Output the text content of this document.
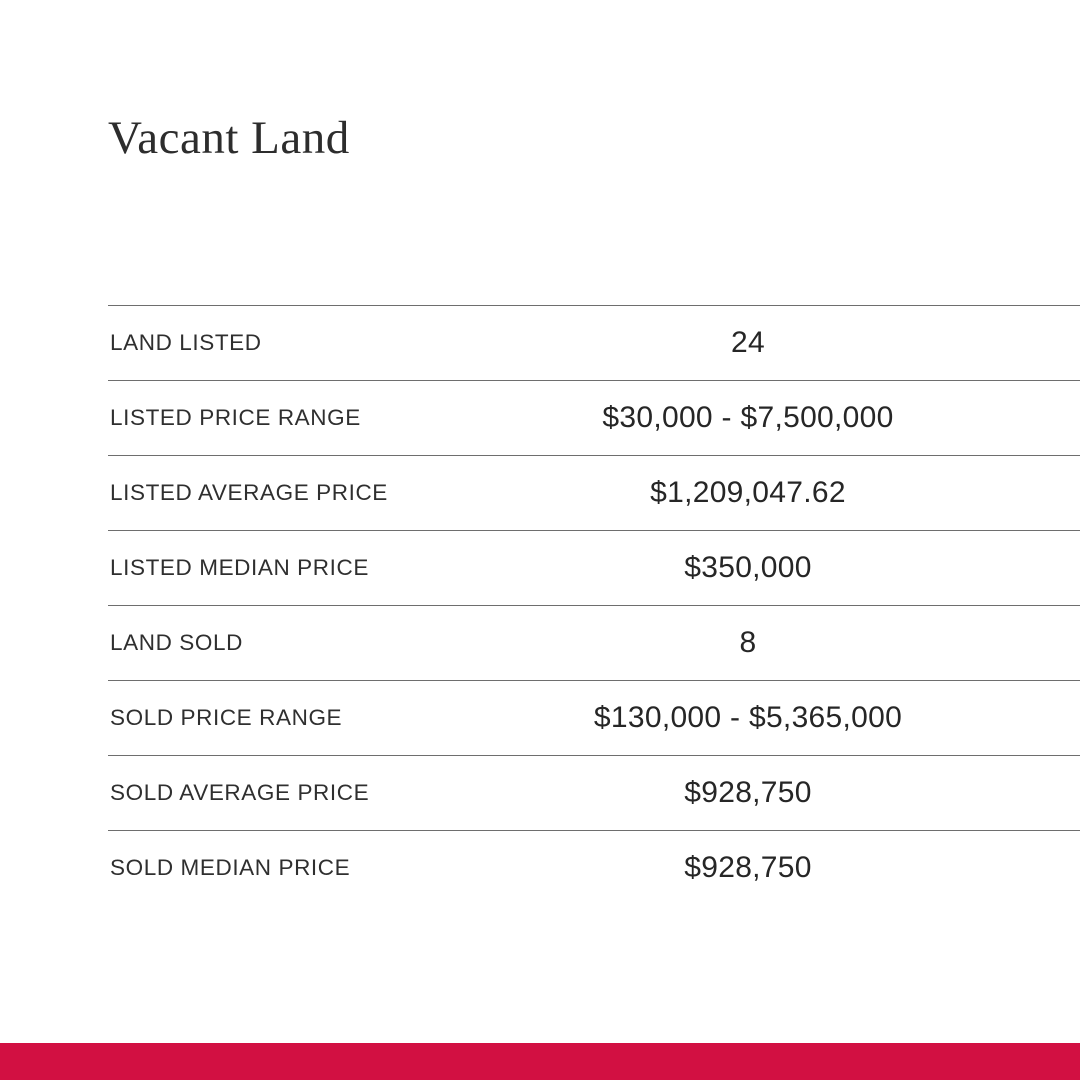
Vacant Land
LAND LISTED	24
LISTED PRICE RANGE	$30,000 - $7,500,000
LISTED AVERAGE PRICE	$1,209,047.62
LISTED MEDIAN PRICE	$350,000
LAND SOLD	8
SOLD PRICE RANGE	$130,000 - $5,365,000
SOLD AVERAGE PRICE	$928,750
SOLD MEDIAN PRICE	$928,750
